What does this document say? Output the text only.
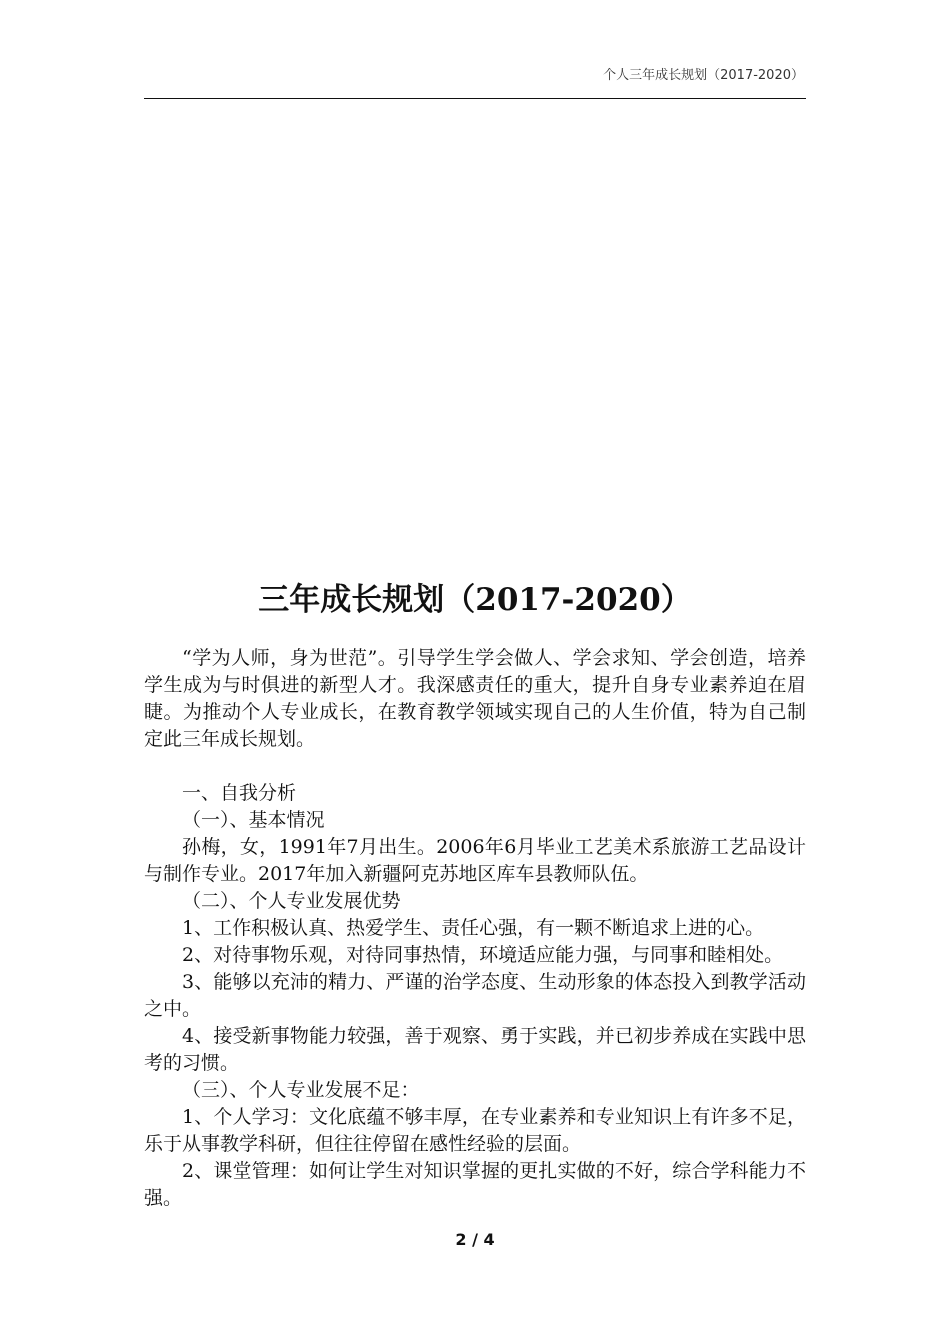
个人三年成长规划（2017-2020）
三年成长规划（2017-2020）

“学为人师，身为世范”。引导学生学会做人、学会求知、学会创造，培养学生成为与时俱进的新型人才。我深感责任的重大，提升自身专业素养迫在眉睫。为推动个人专业成长，在教育教学领域实现自己的人生价值，特为自己制定此三年成长规划。

一、自我分析

（一）、基本情况

孙梅，女，1991年7月出生。2006年6月毕业工艺美术系旅游工艺品设计与制作专业。2017年加入新疆阿克苏地区库车县教师队伍。

（二）、个人专业发展优势

1、工作积极认真、热爱学生、责任心强，有一颗不断追求上进的心。

2、对待事物乐观，对待同事热情，环境适应能力强，与同事和睦相处。

3、能够以充沛的精力、严谨的治学态度、生动形象的体态投入到教学活动之中。

4、接受新事物能力较强，善于观察、勇于实践，并已初步养成在实践中思考的习惯。

（三）、个人专业发展不足：

1、个人学习：文化底蕴不够丰厚，在专业素养和专业知识上有许多不足，乐于从事教学科研，但往往停留在感性经验的层面。

2、课堂管理：如何让学生对知识掌握的更扎实做的不好，综合学科能力不强。

2 / 4
